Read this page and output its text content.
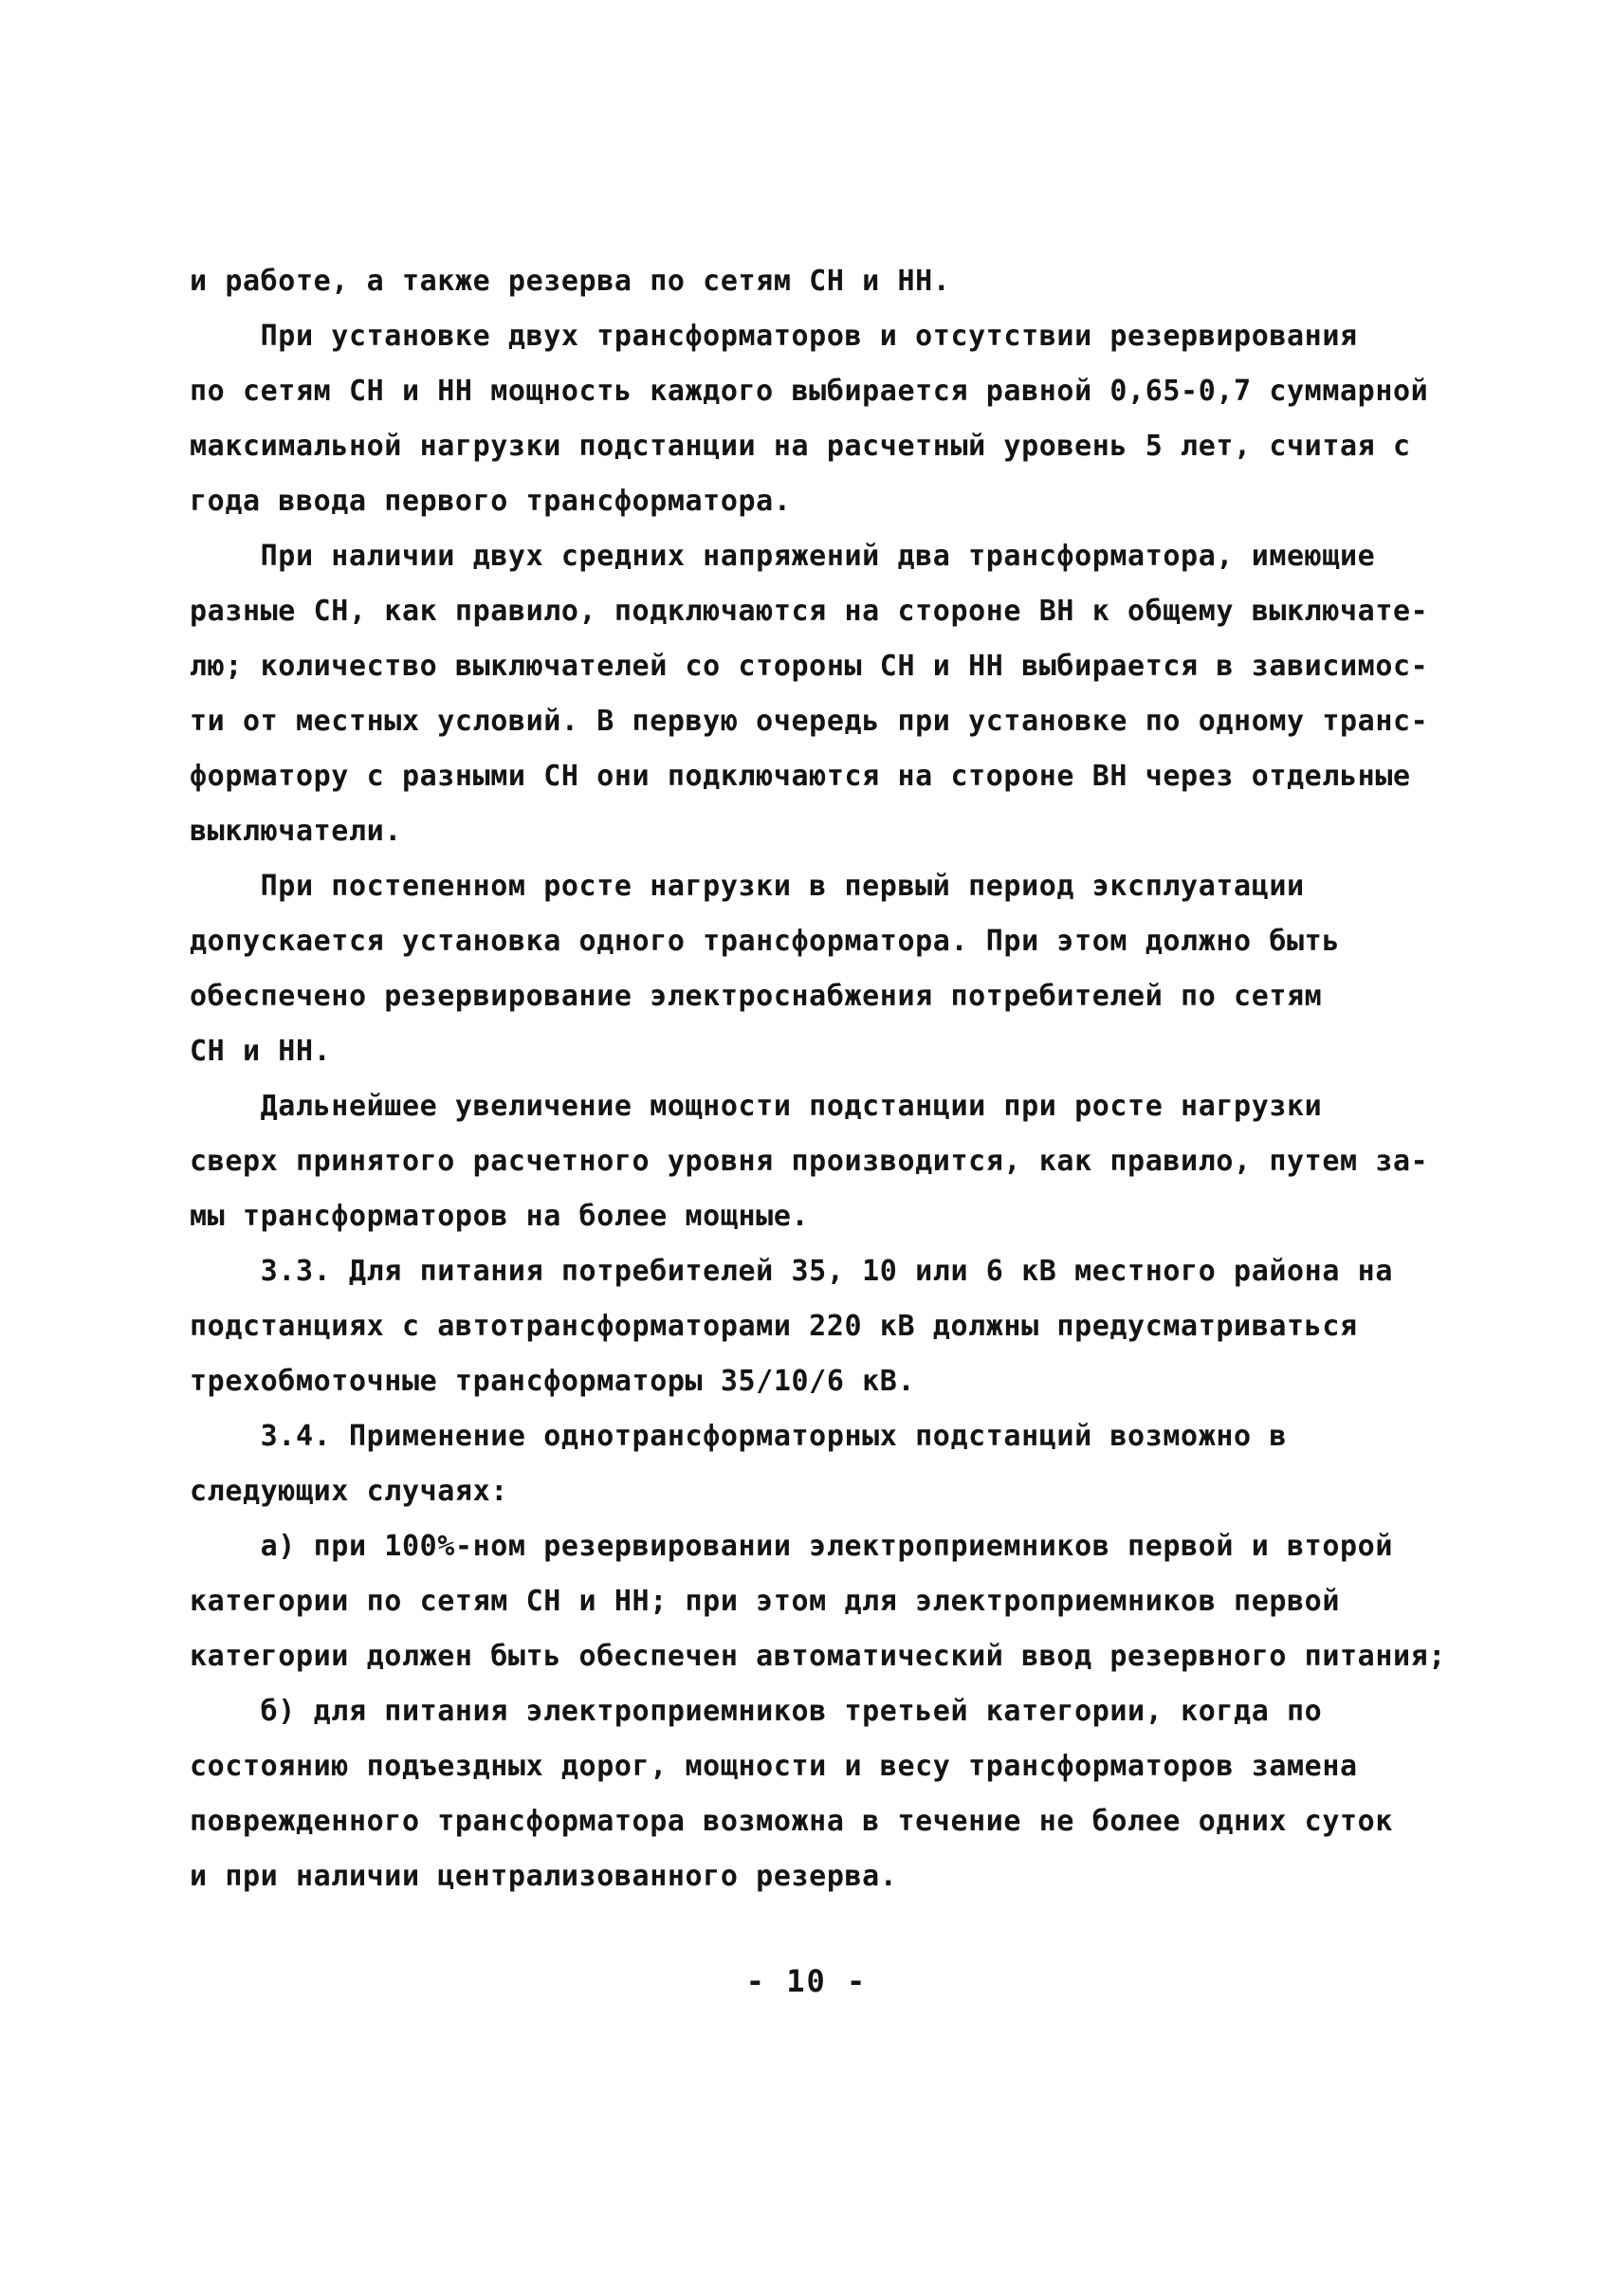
и работе, а также резерва по сетям СН и НН.
При установке двух трансформаторов и отсутствии резервирования
по сетям СН и НН мощность каждого выбирается равной 0,65-0,7 суммарной
максимальной нагрузки подстанции на расчетный уровень 5 лет, считая с
года ввода первого трансформатора.
При наличии двух средних напряжений два трансформатора, имеющие
разные СН, как правило, подключаются на стороне ВН к общему выключате-
лю; количество выключателей со стороны СН и НН выбирается в зависимос-
ти от местных условий. В первую очередь при установке по одному транс-
форматору с разными СН они подключаются на стороне ВН через отдельные
выключатели.
При постепенном росте нагрузки в первый период эксплуатации
допускается установка одного трансформатора. При этом должно быть
обеспечено резервирование электроснабжения потребителей по сетям
СН и НН.
Дальнейшее увеличение мощности подстанции при росте нагрузки
сверх принятого расчетного уровня производится, как правило, путем за-
мы трансформаторов на более мощные.
3.3. Для питания потребителей 35, 10 или 6 кВ местного района на
подстанциях с автотрансформаторами 220 кВ должны предусматриваться
трехобмоточные трансформаторы 35/10/6 кВ.
3.4. Применение однотрансформаторных подстанций возможно в
следующих случаях:
а) при 100%-ном резервировании электроприемников первой и второй
категории по сетям СН и НН; при этом для электроприемников первой
категории должен быть обеспечен автоматический ввод резервного питания;
б) для питания электроприемников третьей категории, когда по
состоянию подъездных дорог, мощности и весу трансформаторов замена
поврежденного трансформатора возможна в течение не более одних суток
и при наличии централизованного резерва.
- 10 -
